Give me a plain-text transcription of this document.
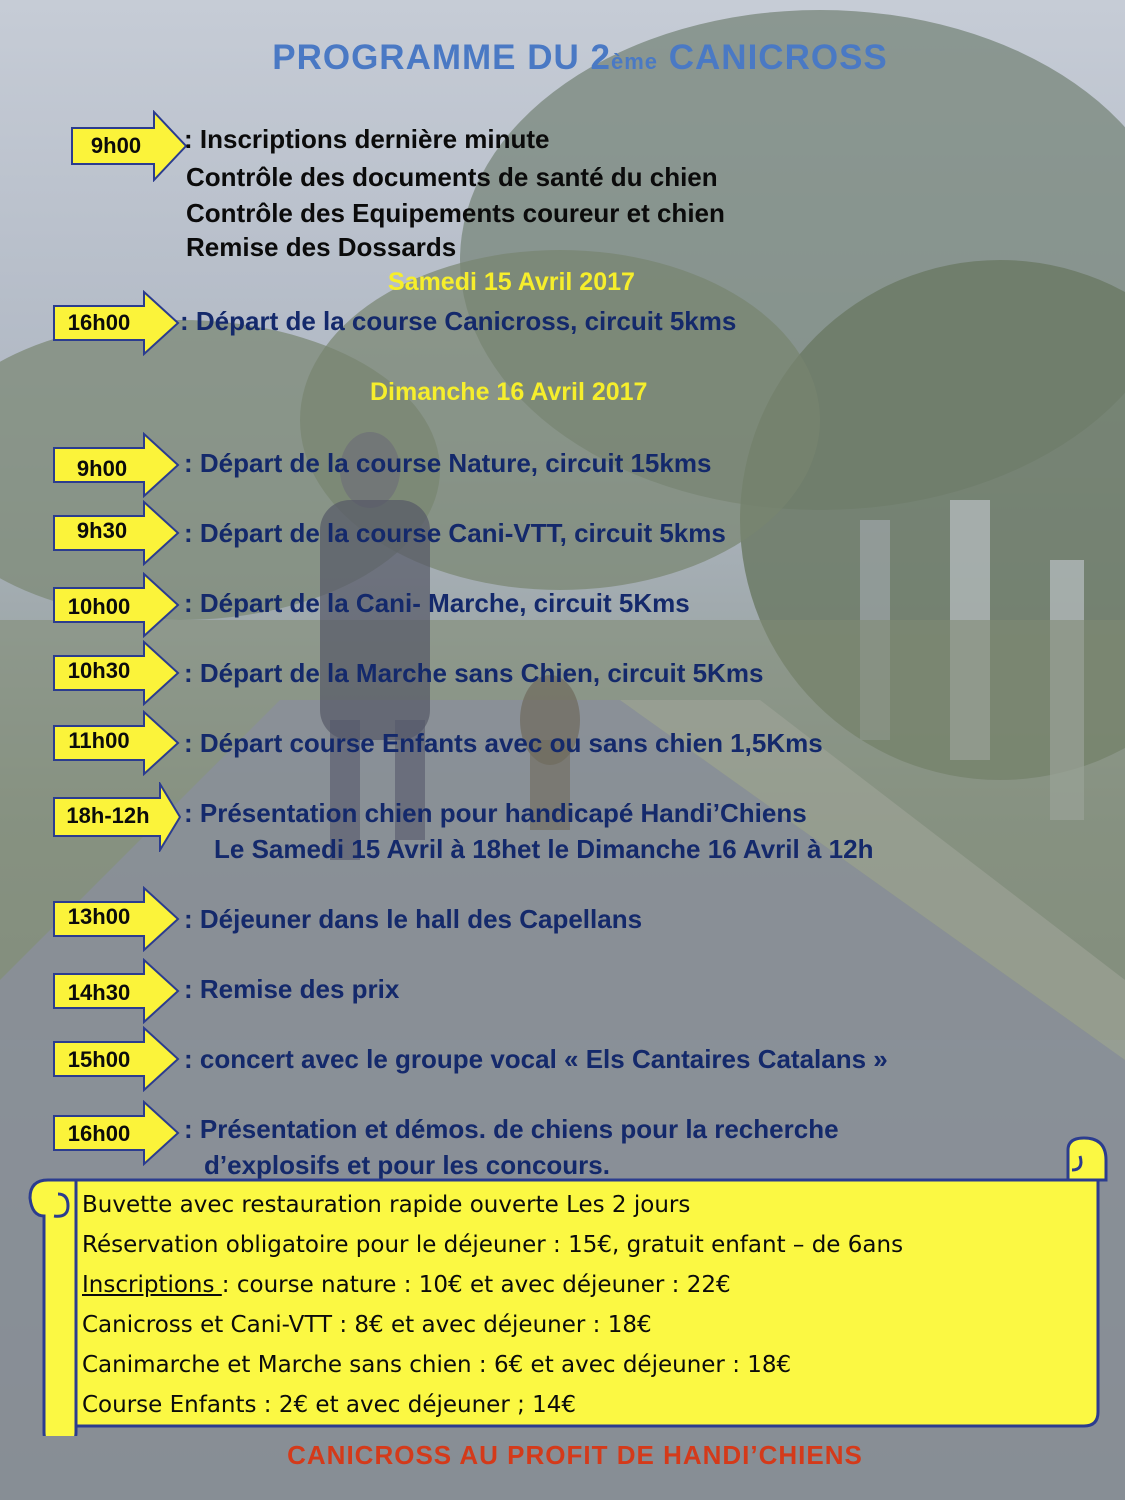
PROGRAMME DU 2ème CANICROSS
9h00	: Inscriptions dernière minute
Contrôle des documents de santé du chien
Contrôle des Equipements coureur et chien
Remise des Dossards
Samedi 15 Avril 2017
16h00	: Départ de la course Canicross, circuit 5kms
Dimanche 16 Avril 2017
9h00	: Départ de la course Nature, circuit 15kms
9h30	: Départ de la course Cani-VTT, circuit 5kms
10h00	: Départ de la Cani- Marche, circuit 5Kms
10h30	: Départ de la Marche sans Chien, circuit 5Kms
11h00	: Départ course Enfants avec ou sans chien 1,5Kms
18h-12h	: Présentation chien pour handicapé Handi’Chiens
Le Samedi 15 Avril à 18het le Dimanche 16 Avril à 12h
13h00	: Déjeuner dans le hall des Capellans
14h30	: Remise des prix
15h00	: concert avec le groupe vocal « Els Cantaires Catalans »
16h00	: Présentation et démos. de chiens pour la recherche
d’explosifs et pour les concours.
Buvette avec restauration rapide ouverte Les 2 jours
Réservation obligatoire pour le déjeuner : 15€, gratuit enfant – de 6ans
Inscriptions : course nature : 10€ et avec déjeuner : 22€
Canicross et Cani-VTT : 8€ et avec déjeuner : 18€
Canimarche et Marche sans chien : 6€ et avec déjeuner : 18€
Course Enfants : 2€ et avec déjeuner ; 14€
CANICROSS AU PROFIT DE HANDI’CHIENS
